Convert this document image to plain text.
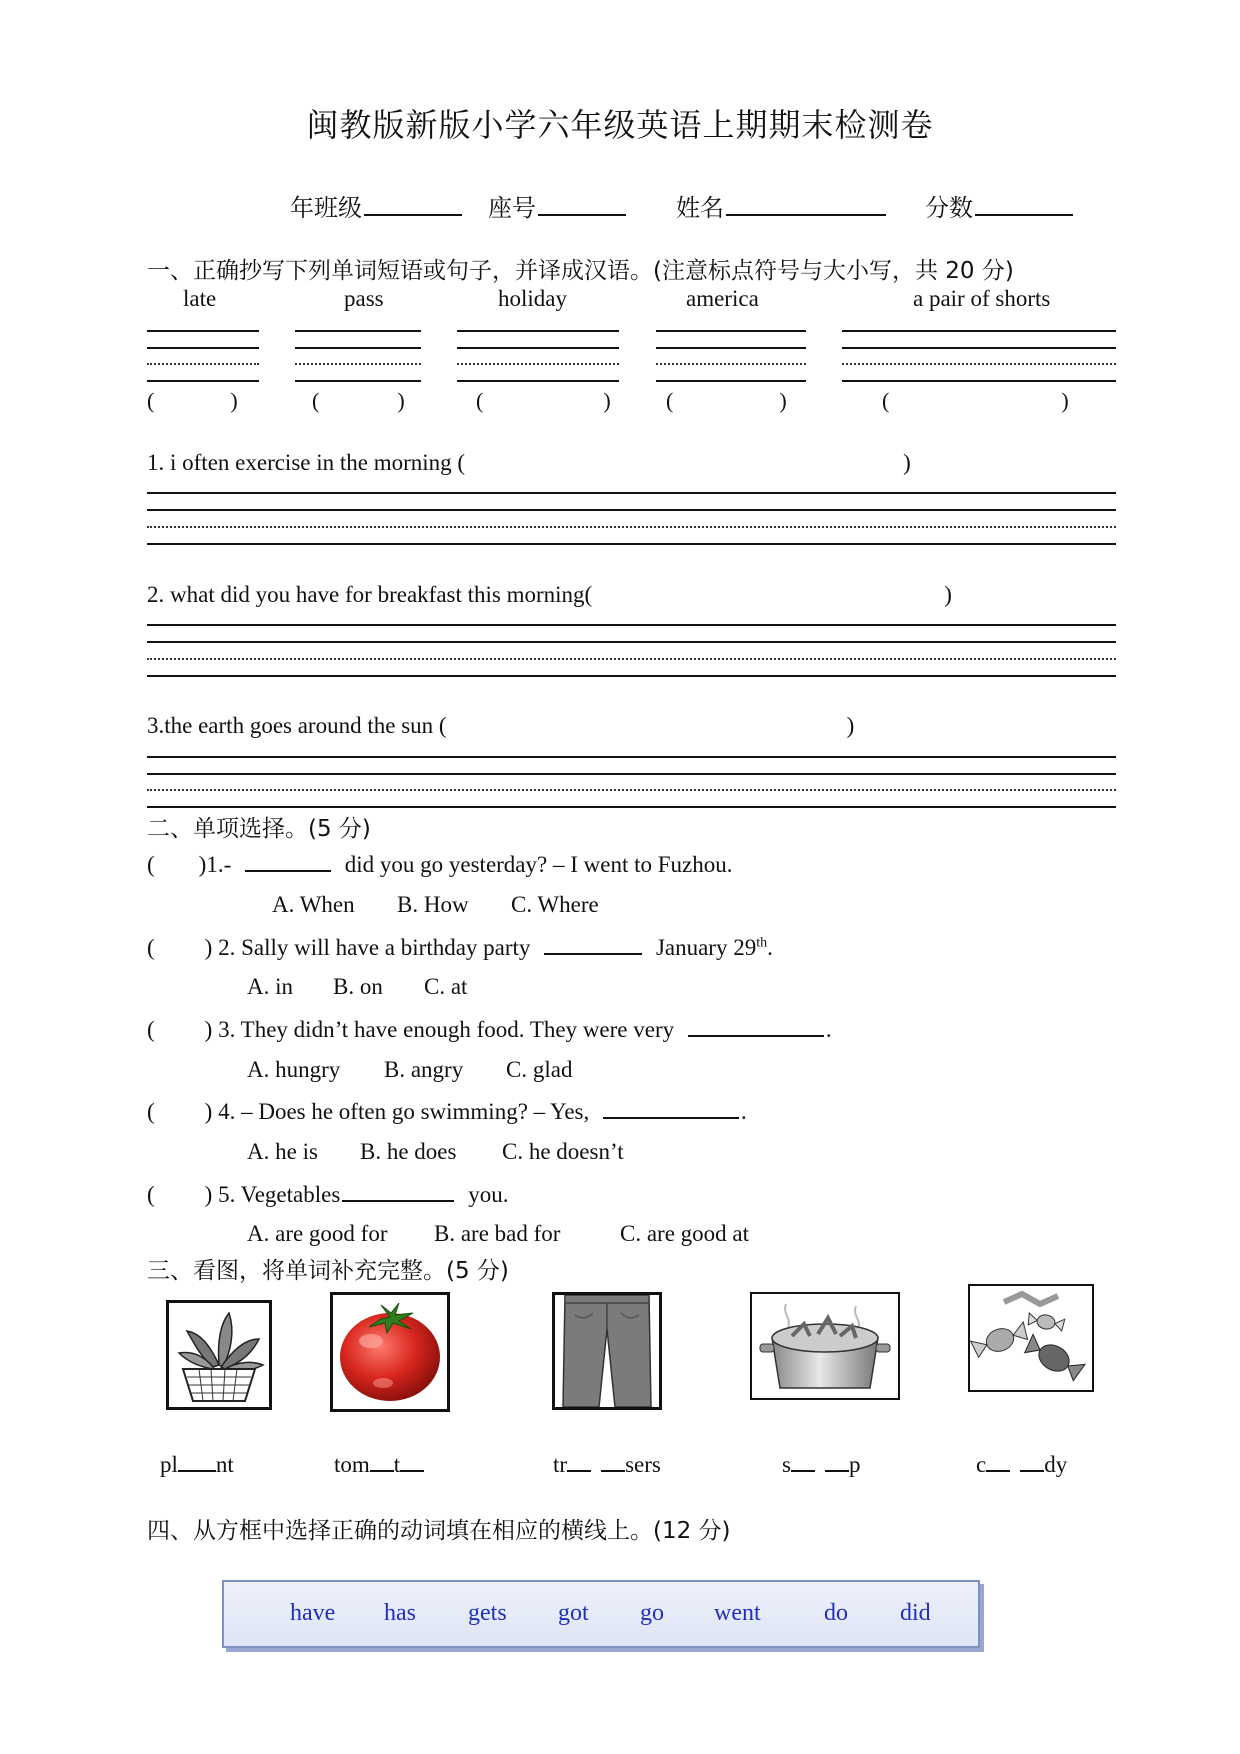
闽教版新版小学六年级英语上期期末检测卷
年班级	座号	姓名	分数
一、正确抄写下列单词短语或句子，并译成汉语。(注意标点符号与大小写，共 20 分)
late	pass	holiday	america	a pair of shorts
(	)	(	)	(	)	(	)	(	)
1. i often exercise in the morning (	)
2. what did you have for breakfast this morning(	)
3.the earth goes around the sun (	)
二、单项选择。(5 分)
( )1.-	did you go yesterday? – I went to Fuzhou.
A. When B. How C. Where
( ) 2. Sally will have a birthday party	January 29th.
A. in B. on C. at
( ) 3. They didn’t have enough food. They were very	.
A. hungry B. angry C. glad
( ) 4. – Does he often go swimming? – Yes,	.
A. he is B. he does C. he doesn’t
( ) 5. Vegetables	you.
A. are good for B. are bad for	C. are good at
三、看图，将单词补充完整。(5 分)
pl nt	tom t	tr	sers	s	p	c	dy
四、从方框中选择正确的动词填在相应的横线上。(12 分)
have has gets got go went	do did
